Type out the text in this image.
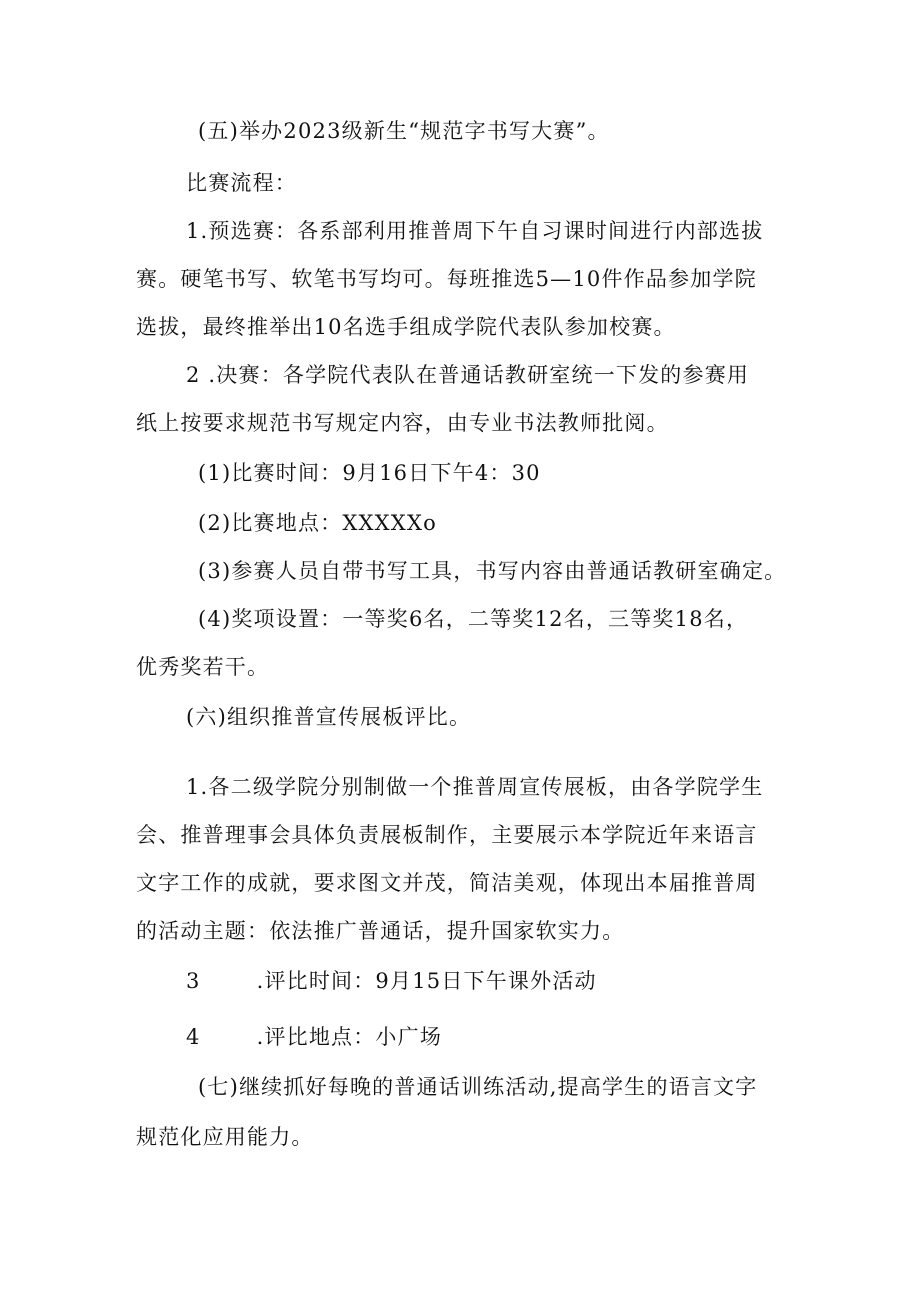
(五)举办2023级新生“规范字书写大赛”。
比赛流程：
1.预选赛：各系部利用推普周下午自习课时间进行内部选拔
赛。硬笔书写、软笔书写均可。每班推选5—10件作品参加学院
选拔，最终推举出10名选手组成学院代表队参加校赛。
2 .决赛：各学院代表队在普通话教研室统一下发的参赛用
纸上按要求规范书写规定内容，由专业书法教师批阅。
(1)比赛时间：9月16日下午4：30
(2)比赛地点：XXXXXo
(3)参赛人员自带书写工具，书写内容由普通话教研室确定。
(4)奖项设置：一等奖6名，二等奖12名，三等奖18名，
优秀奖若干。
(六)组织推普宣传展板评比。
1.各二级学院分别制做一个推普周宣传展板，由各学院学生
会、推普理事会具体负责展板制作，主要展示本学院近年来语言
文字工作的成就，要求图文并茂，简洁美观，体现出本届推普周
的活动主题：依法推广普通话，提升国家软实力。
3	.评比时间：9月15日下午课外活动
4	.评比地点：小广场
(七)继续抓好每晚的普通话训练活动,提高学生的语言文字
规范化应用能力。
